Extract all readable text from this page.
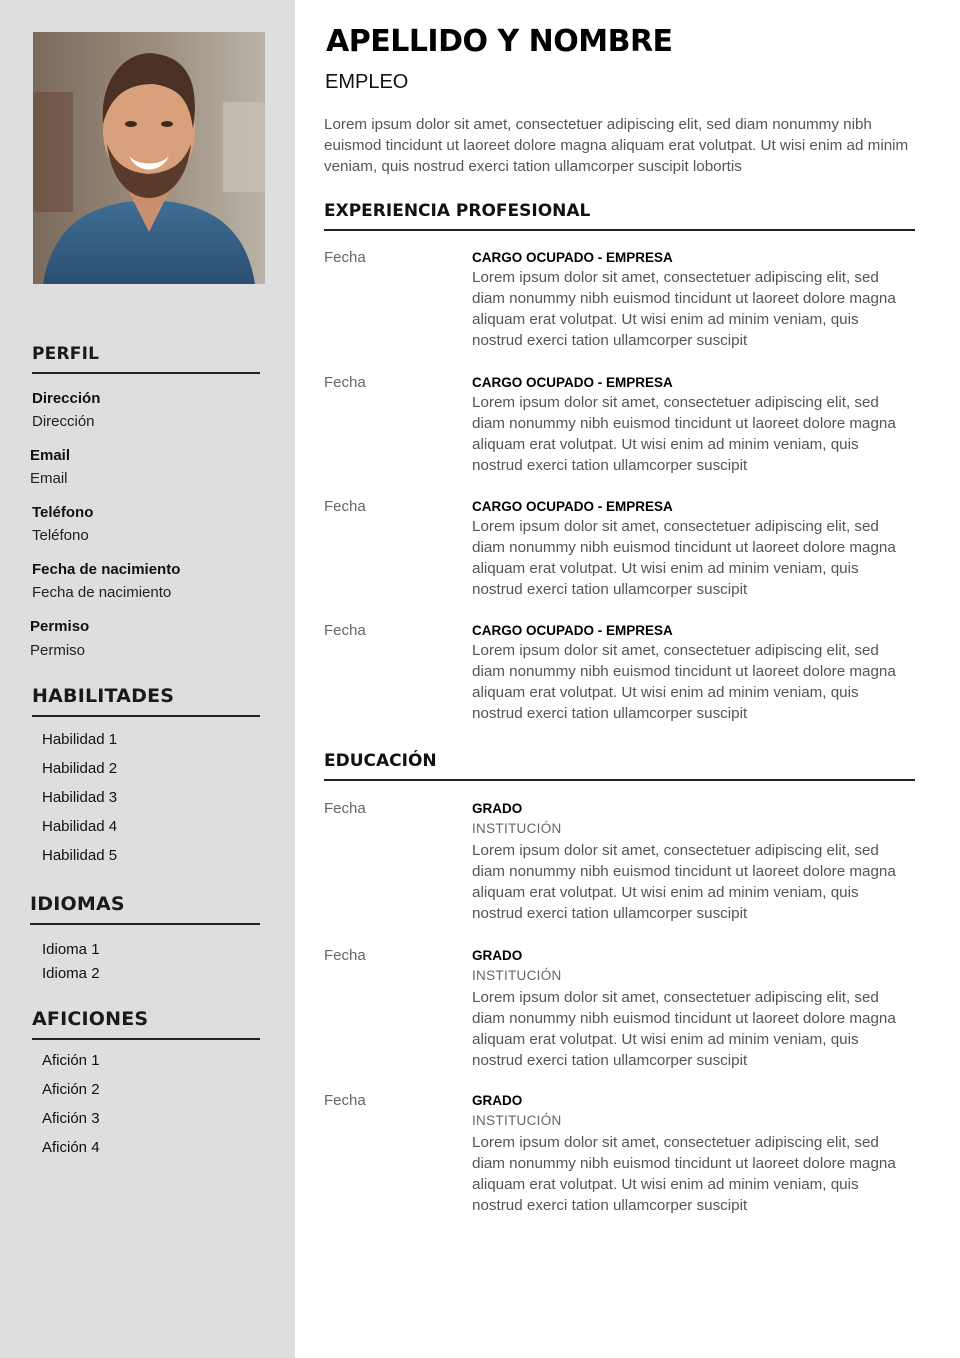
PERFIL
Dirección
Dirección
Email
Email
Teléfono
Teléfono
Fecha de nacimiento
Fecha de nacimiento
Permiso
Permiso
HABILITADES
Habilidad 1
Habilidad 2
Habilidad 3
Habilidad 4
Habilidad 5
IDIOMAS
Idioma 1
Idioma 2
AFICIONES
Afición 1
Afición 2
Afición 3
Afición 4
APELLIDO Y NOMBRE
EMPLEO

Lorem ipsum dolor sit amet, consectetuer adipiscing elit, sed diam nonummy nibh euismod tincidunt ut laoreet dolore magna aliquam erat volutpat. Ut wisi enim ad minim veniam, quis nostrud exerci tation ullamcorper suscipit lobortis

EXPERIENCIA PROFESIONAL
Fecha	CARGO OCUPADO - EMPRESA

Lorem ipsum dolor sit amet, consectetuer adipiscing elit, sed diam nonummy nibh euismod tincidunt ut laoreet dolore magna aliquam erat volutpat. Ut wisi enim ad minim veniam, quis nostrud exerci tation ullamcorper suscipit

Fecha	CARGO OCUPADO - EMPRESA

Lorem ipsum dolor sit amet, consectetuer adipiscing elit, sed diam nonummy nibh euismod tincidunt ut laoreet dolore magna aliquam erat volutpat. Ut wisi enim ad minim veniam, quis nostrud exerci tation ullamcorper suscipit

Fecha	CARGO OCUPADO - EMPRESA

Lorem ipsum dolor sit amet, consectetuer adipiscing elit, sed diam nonummy nibh euismod tincidunt ut laoreet dolore magna aliquam erat volutpat. Ut wisi enim ad minim veniam, quis nostrud exerci tation ullamcorper suscipit

Fecha	CARGO OCUPADO - EMPRESA

Lorem ipsum dolor sit amet, consectetuer adipiscing elit, sed diam nonummy nibh euismod tincidunt ut laoreet dolore magna aliquam erat volutpat. Ut wisi enim ad minim veniam, quis nostrud exerci tation ullamcorper suscipit

EDUCACIÓN
Fecha	GRADO
INSTITUCIÓN

Lorem ipsum dolor sit amet, consectetuer adipiscing elit, sed diam nonummy nibh euismod tincidunt ut laoreet dolore magna aliquam erat volutpat. Ut wisi enim ad minim veniam, quis nostrud exerci tation ullamcorper suscipit

Fecha	GRADO
INSTITUCIÓN

Lorem ipsum dolor sit amet, consectetuer adipiscing elit, sed diam nonummy nibh euismod tincidunt ut laoreet dolore magna aliquam erat volutpat. Ut wisi enim ad minim veniam, quis nostrud exerci tation ullamcorper suscipit

Fecha	GRADO
INSTITUCIÓN

Lorem ipsum dolor sit amet, consectetuer adipiscing elit, sed diam nonummy nibh euismod tincidunt ut laoreet dolore magna aliquam erat volutpat. Ut wisi enim ad minim veniam, quis nostrud exerci tation ullamcorper suscipit
